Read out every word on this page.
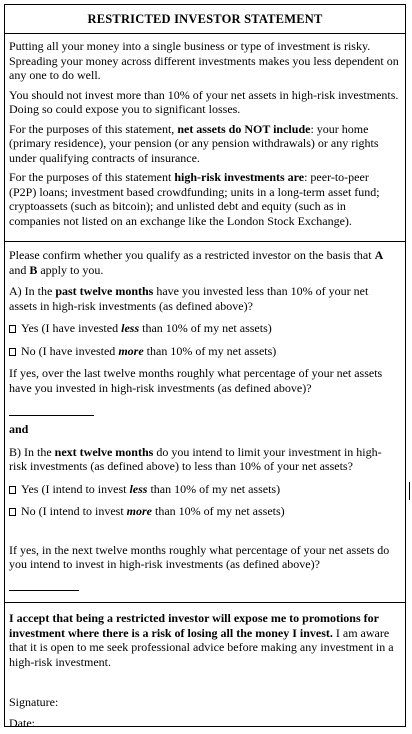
RESTRICTED INVESTOR STATEMENT

Putting all your money into a single business or type of investment is risky. Spreading your money across different investments makes you less dependent on any one to do well.

You should not invest more than 10% of your net assets in high-risk investments. Doing so could expose you to significant losses.

For the purposes of this statement, net assets do NOT include: your home (primary residence), your pension (or any pension withdrawals) or any rights under qualifying contracts of insurance.

For the purposes of this statement high-risk investments are: peer-to-peer (P2P) loans; investment based crowdfunding; units in a long-term asset fund; cryptoassets (such as bitcoin); and unlisted debt and equity (such as in companies not listed on an exchange like the London Stock Exchange).

Please confirm whether you qualify as a restricted investor on the basis that A and B apply to you.

A) In the past twelve months have you invested less than 10% of your net assets in high-risk investments (as defined above)?

Yes (I have invested less than 10% of my net assets)

No (I have invested more than 10% of my net assets)

If yes, over the last twelve months roughly what percentage of your net assets have you invested in high-risk investments (as defined above)?

and

B) In the next twelve months do you intend to limit your investment in high-risk investments (as defined above) to less than 10% of your net assets?

Yes (I intend to invest less than 10% of my net assets)

No (I intend to invest more than 10% of my net assets)

If yes, in the next twelve months roughly what percentage of your net assets do you intend to invest in high-risk investments (as defined above)?

I accept that being a restricted investor will expose me to promotions for investment where there is a risk of losing all the money I invest. I am aware that it is open to me seek professional advice before making any investment in a high-risk investment.

Signature:

Date:
